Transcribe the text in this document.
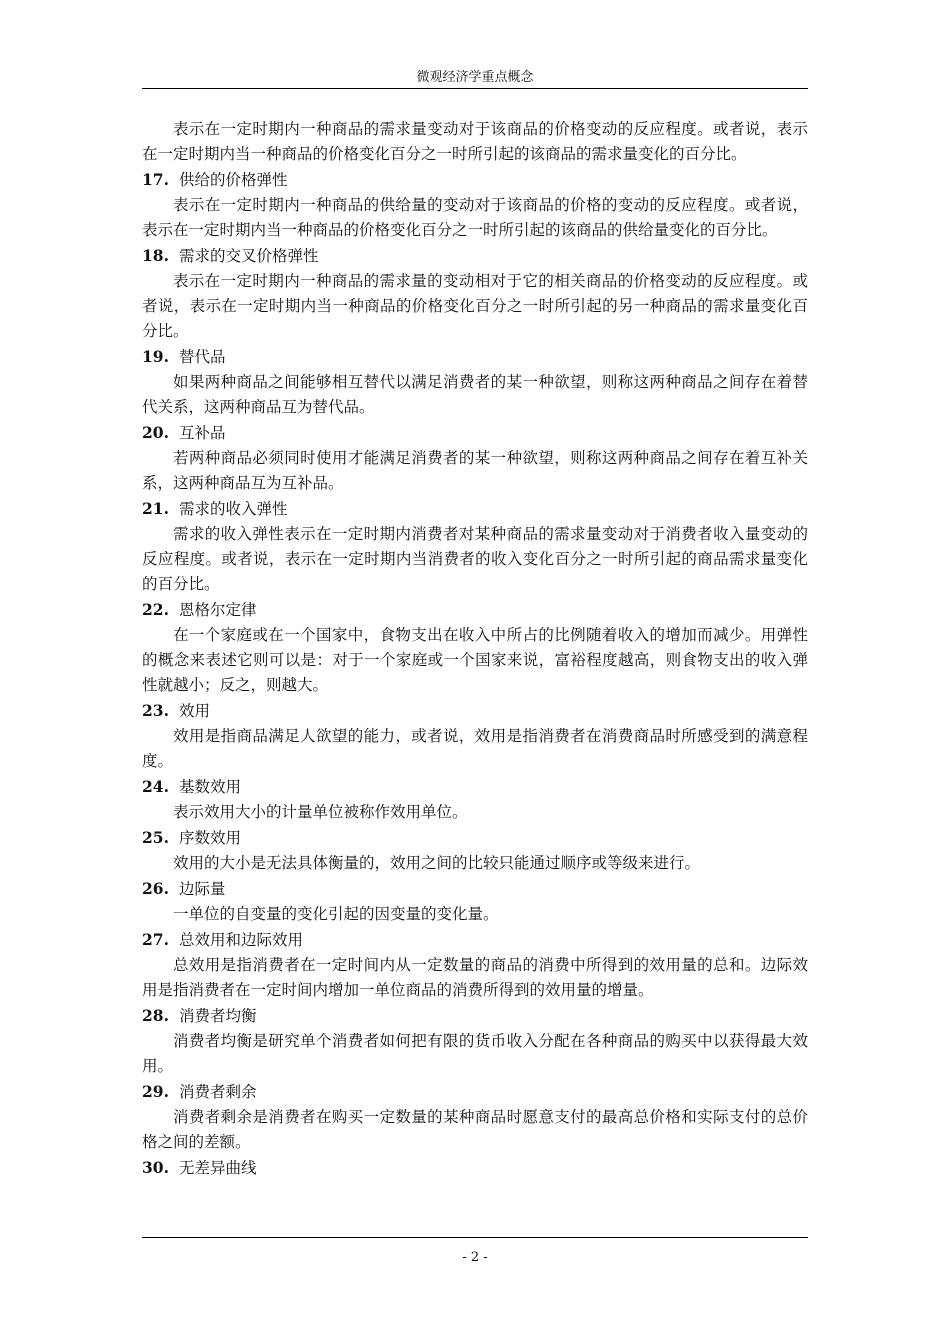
微观经济学重点概念

表示在一定时期内一种商品的需求量变动对于该商品的价格变动的反应程度。或者说，表示在一定时期内当一种商品的价格变化百分之一时所引起的该商品的需求量变化的百分比。

17. 供给的价格弹性

表示在一定时期内一种商品的供给量的变动对于该商品的价格的变动的反应程度。或者说，表示在一定时期内当一种商品的价格变化百分之一时所引起的该商品的供给量变化的百分比。

18. 需求的交叉价格弹性

表示在一定时期内一种商品的需求量的变动相对于它的相关商品的价格变动的反应程度。或者说，表示在一定时期内当一种商品的价格变化百分之一时所引起的另一种商品的需求量变化百分比。

19. 替代品

如果两种商品之间能够相互替代以满足消费者的某一种欲望，则称这两种商品之间存在着替代关系，这两种商品互为替代品。

20. 互补品

若两种商品必须同时使用才能满足消费者的某一种欲望，则称这两种商品之间存在着互补关系，这两种商品互为互补品。

21. 需求的收入弹性

需求的收入弹性表示在一定时期内消费者对某种商品的需求量变动对于消费者收入量变动的反应程度。或者说，表示在一定时期内当消费者的收入变化百分之一时所引起的商品需求量变化的百分比。

22. 恩格尔定律

在一个家庭或在一个国家中，食物支出在收入中所占的比例随着收入的增加而减少。用弹性的概念来表述它则可以是：对于一个家庭或一个国家来说，富裕程度越高，则食物支出的收入弹性就越小；反之，则越大。

23. 效用

效用是指商品满足人欲望的能力，或者说，效用是指消费者在消费商品时所感受到的满意程度。

24. 基数效用

表示效用大小的计量单位被称作效用单位。

25. 序数效用

效用的大小是无法具体衡量的，效用之间的比较只能通过顺序或等级来进行。

26. 边际量

一单位的自变量的变化引起的因变量的变化量。

27. 总效用和边际效用

总效用是指消费者在一定时间内从一定数量的商品的消费中所得到的效用量的总和。边际效用是指消费者在一定时间内增加一单位商品的消费所得到的效用量的增量。

28. 消费者均衡

消费者均衡是研究单个消费者如何把有限的货币收入分配在各种商品的购买中以获得最大效用。

29. 消费者剩余

消费者剩余是消费者在购买一定数量的某种商品时愿意支付的最高总价格和实际支付的总价格之间的差额。

30. 无差异曲线

- 2 -
